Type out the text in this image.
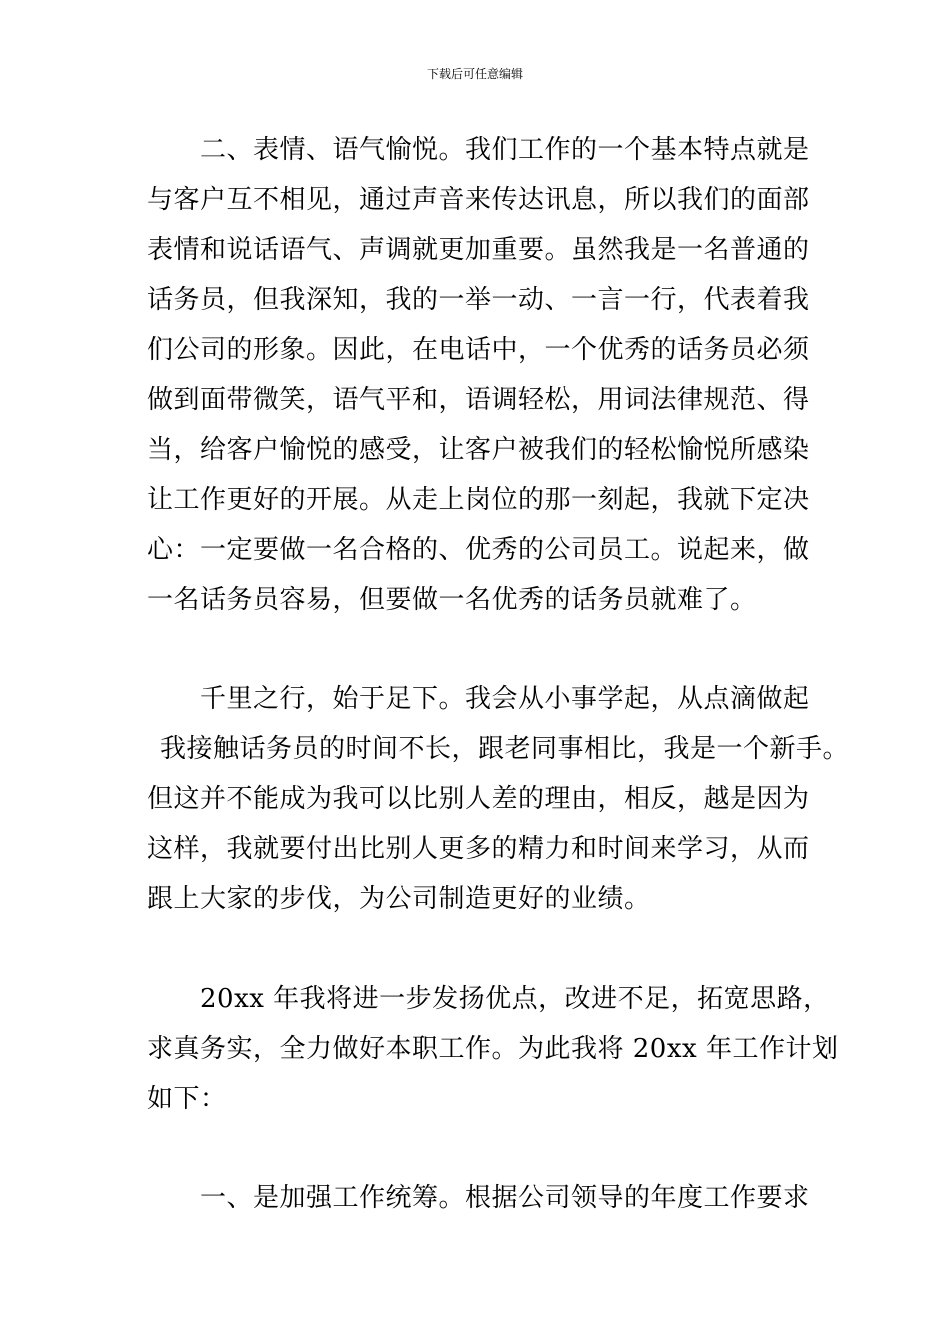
下载后可任意编辑
二、表情、语气愉悦。我们工作的一个基本特点就是
与客户互不相见，通过声音来传达讯息，所以我们的面部
表情和说话语气、声调就更加重要。虽然我是一名普通的
话务员，但我深知，我的一举一动、一言一行，代表着我
们公司的形象。因此，在电话中，一个优秀的话务员必须
做到面带微笑，语气平和，语调轻松，用词法律规范、得
当，给客户愉悦的感受，让客户被我们的轻松愉悦所感染
让工作更好的开展。从走上岗位的那一刻起，我就下定决
心：一定要做一名合格的、优秀的公司员工。说起来，做
一名话务员容易，但要做一名优秀的话务员就难了。
千里之行，始于足下。我会从小事学起，从点滴做起
我接触话务员的时间不长，跟老同事相比，我是一个新手。
但这并不能成为我可以比别人差的理由，相反，越是因为
这样，我就要付出比别人更多的精力和时间来学习，从而
跟上大家的步伐，为公司制造更好的业绩。
20xx 年我将进一步发扬优点，改进不足，拓宽思路，
求真务实，全力做好本职工作。为此我将 20xx 年工作计划
如下：
一、是加强工作统筹。根据公司领导的年度工作要求
